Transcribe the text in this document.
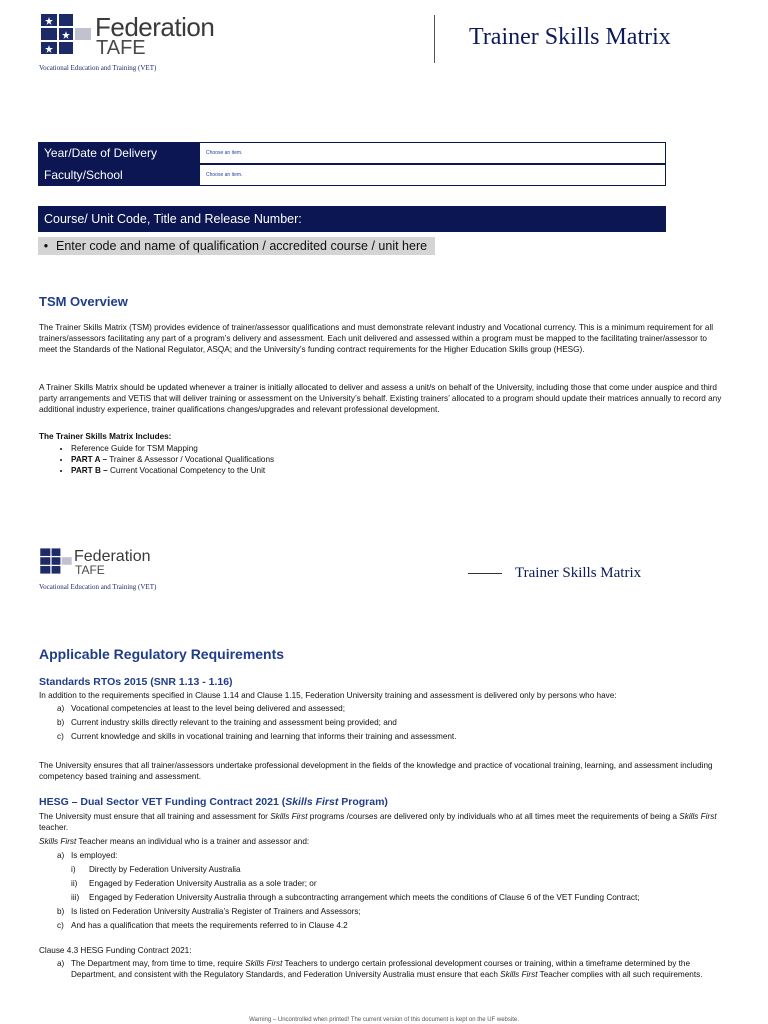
Federation
TAFE
Vocational Education and Training (VET)
Trainer Skills Matrix
Year/Date of Delivery	Choose an item.
Faculty/School	Choose an item.
Course/ Unit Code, Title and Release Number:
• Enter code and name of qualification / accredited course / unit here
TSM Overview
The Trainer Skills Matrix (TSM) provides evidence of trainer/assessor qualifications and must demonstrate relevant industry and Vocational currency. This is a minimum requirement for all trainers/assessors facilitating any part of a program’s delivery and assessment. Each unit delivered and assessed within a program must be mapped to the facilitating trainer/assessor to meet the Standards of the National Regulator, ASQA; and the University’s funding contract requirements for the Higher Education Skills group (HESG).
A Trainer Skills Matrix should be updated whenever a trainer is initially allocated to deliver and assess a unit/s on behalf of the University, including those that come under auspice and third party arrangements and VETiS that will deliver training or assessment on the University’s behalf. Existing trainers’ allocated to a program should update their matrices annually to record any additional industry experience, trainer qualifications changes/upgrades and relevant professional development.
The Trainer Skills Matrix Includes:
• Reference Guide for TSM Mapping
• PART A – Trainer & Assessor / Vocational Qualifications
• PART B – Current Vocational Competency to the Unit
Federation
TAFE
Vocational Education and Training (VET)
Trainer Skills Matrix
Applicable Regulatory Requirements
Standards RTOs 2015 (SNR 1.13 - 1.16)
In addition to the requirements specified in Clause 1.14 and Clause 1.15, Federation University training and assessment is delivered only by persons who have:
a) Vocational competencies at least to the level being delivered and assessed;
b) Current industry skills directly relevant to the training and assessment being provided; and
c) Current knowledge and skills in vocational training and learning that informs their training and assessment.
The University ensures that all trainer/assessors undertake professional development in the fields of the knowledge and practice of vocational training, learning, and assessment including competency based training and assessment.
HESG – Dual Sector VET Funding Contract 2021 (Skills First Program)
The University must ensure that all training and assessment for Skills First programs /courses are delivered only by individuals who at all times meet the requirements of being a Skills First teacher.
Skills First Teacher means an individual who is a trainer and assessor and:
a) Is employed:
i) Directly by Federation University Australia
ii) Engaged by Federation University Australia as a sole trader; or
iii) Engaged by Federation University Australia through a subcontracting arrangement which meets the conditions of Clause 6 of the VET Funding Contract;
b) Is listed on Federation University Australia’s Register of Trainers and Assessors;
c) And has a qualification that meets the requirements referred to in Clause 4.2
Clause 4.3 HESG Funding Contract 2021:
a) The Department may, from time to time, require Skills First Teachers to undergo certain professional development courses or training, within a timeframe determined by the Department, and consistent with the Regulatory Standards, and Federation University Australia must ensure that each Skills First Teacher complies with all such requirements.
Warning – Uncontrolled when printed! The current version of this document is kept on the UF website.
